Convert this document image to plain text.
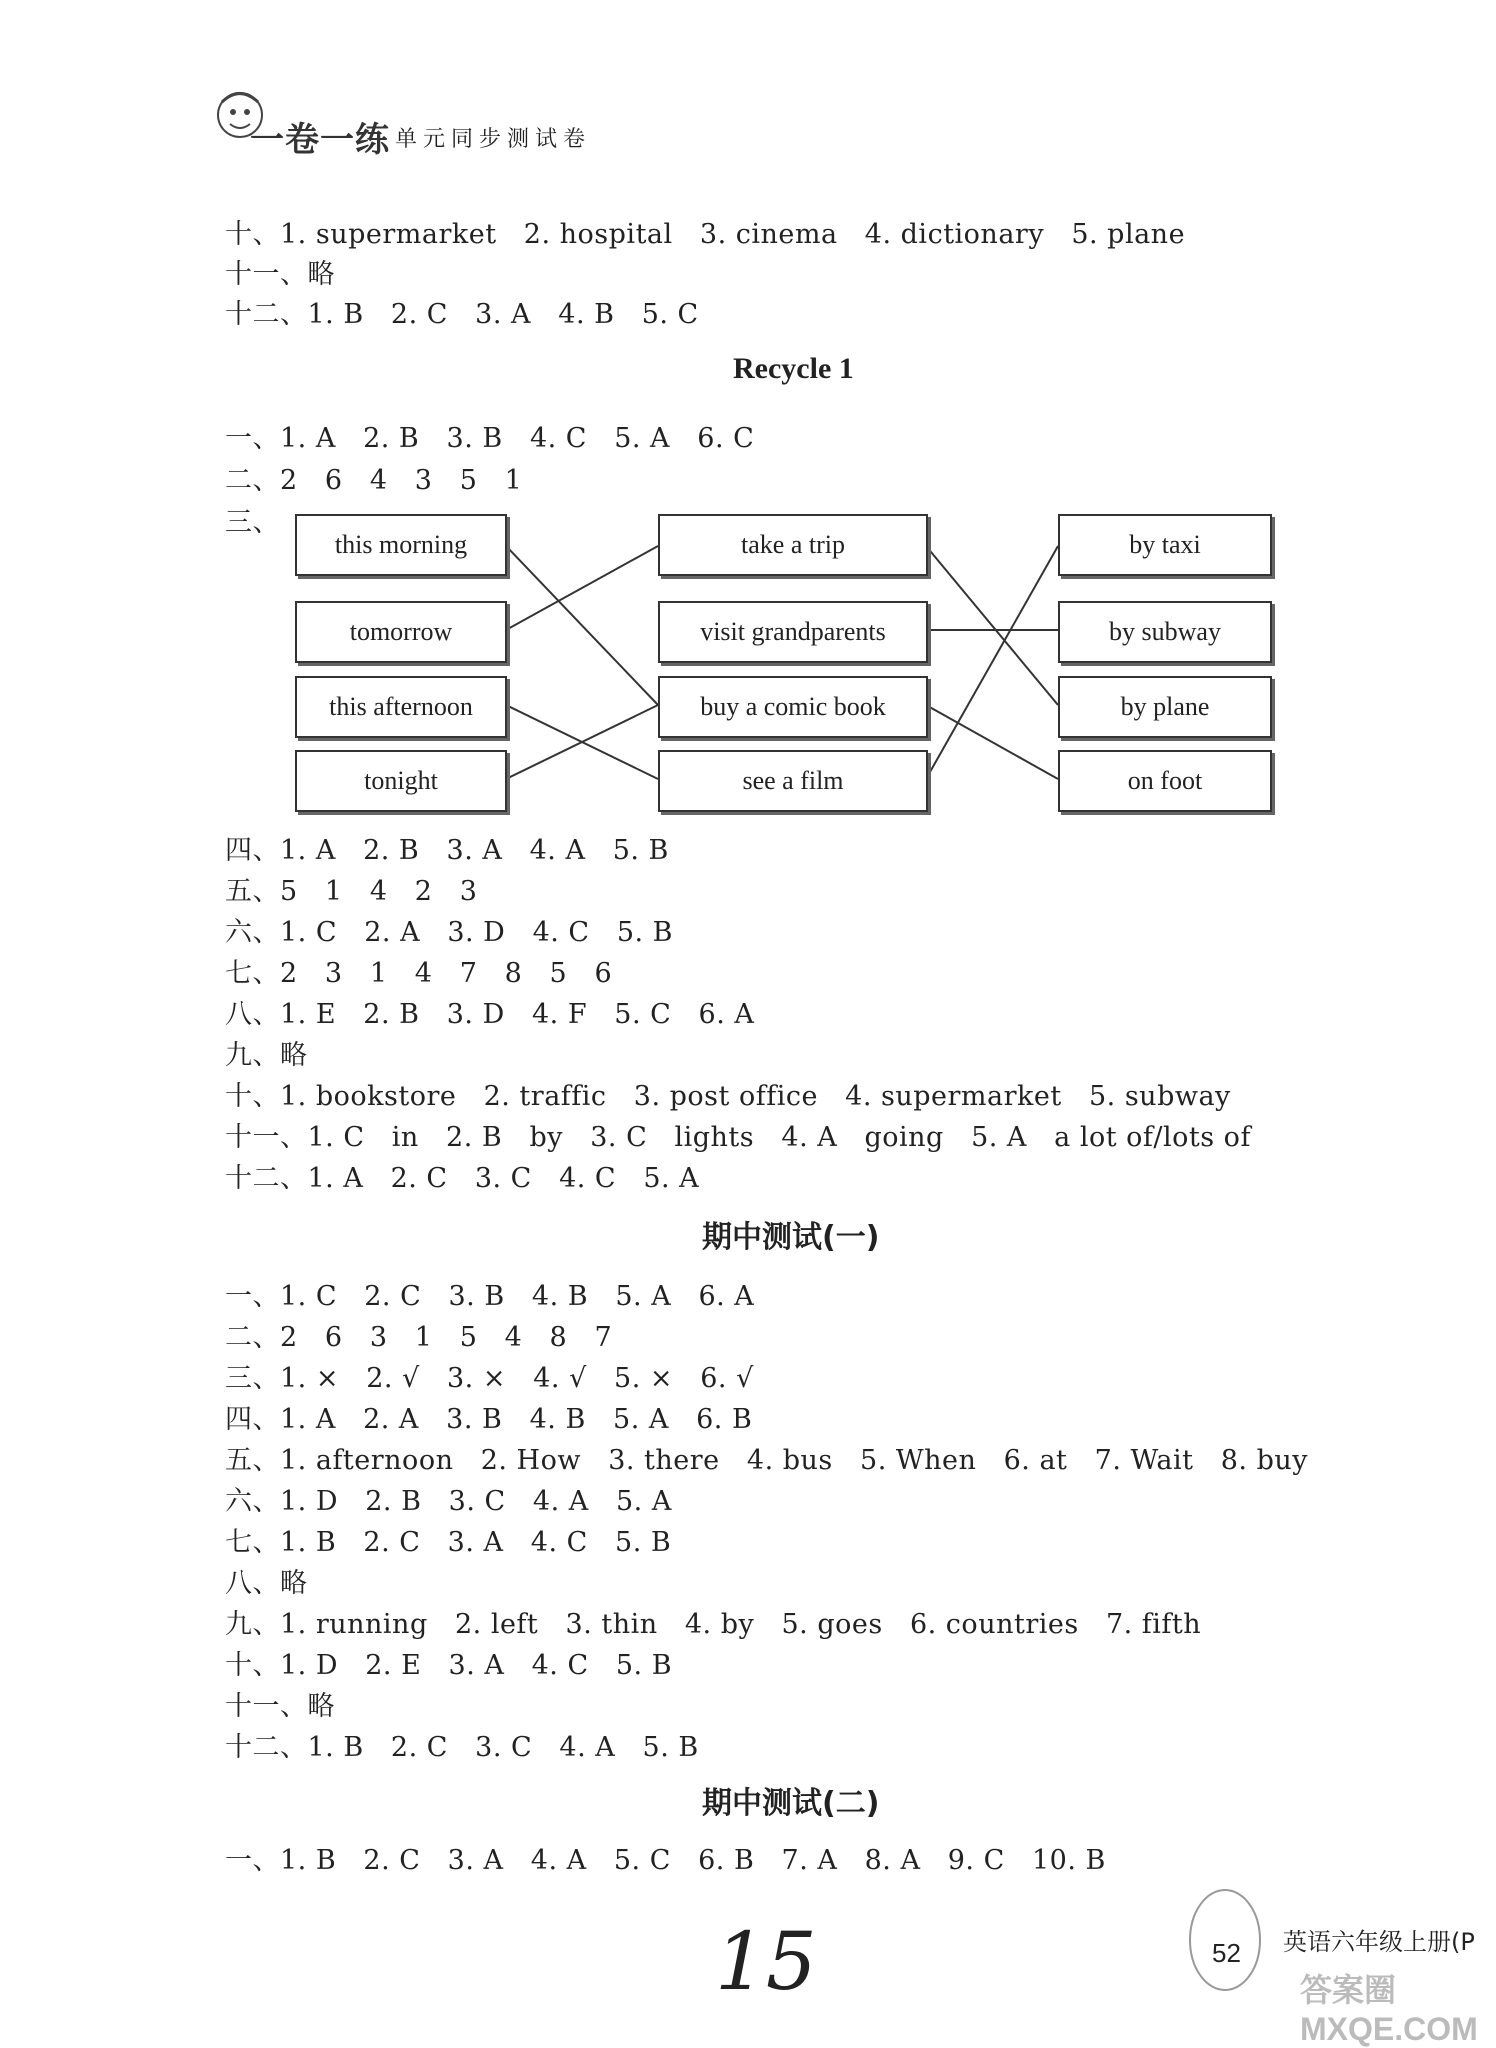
一卷一练 单元同步测试卷
十、1. supermarket   2. hospital   3. cinema   4. dictionary   5. plane
十一、略
十二、1. B   2. C   3. A   4. B   5. C
Recycle 1
一、1. A   2. B   3. B   4. C   5. A   6. C
二、2   6   4   3   5   1
三、
this morning
tomorrow
this afternoon
tonight
take a trip
visit grandparents
buy a comic book
see a film
by taxi
by subway
by plane
on foot
四、1. A   2. B   3. A   4. A   5. B
五、5   1   4   2   3
六、1. C   2. A   3. D   4. C   5. B
七、2   3   1   4   7   8   5   6
八、1. E   2. B   3. D   4. F   5. C   6. A
九、略
十、1. bookstore   2. traffic   3. post office   4. supermarket   5. subway
十一、1. C   in   2. B   by   3. C   lights   4. A   going   5. A   a lot of/lots of
十二、1. A   2. C   3. C   4. C   5. A
期中测试(一)
一、1. C   2. C   3. B   4. B   5. A   6. A
二、2   6   3   1   5   4   8   7
三、1. ×   2. √   3. ×   4. √   5. ×   6. √
四、1. A   2. A   3. B   4. B   5. A   6. B
五、1. afternoon   2. How   3. there   4. bus   5. When   6. at   7. Wait   8. buy
六、1. D   2. B   3. C   4. A   5. A
七、1. B   2. C   3. A   4. C   5. B
八、略
九、1. running   2. left   3. thin   4. by   5. goes   6. countries   7. fifth
十、1. D   2. E   3. A   4. C   5. B
十一、略
十二、1. B   2. C   3. C   4. A   5. B
期中测试(二)
一、1. B   2. C   3. A   4. A   5. C   6. B   7. A   8. A   9. C   10. B
52 英语六年级上册(P
15	答案圈 MXQE.COM
